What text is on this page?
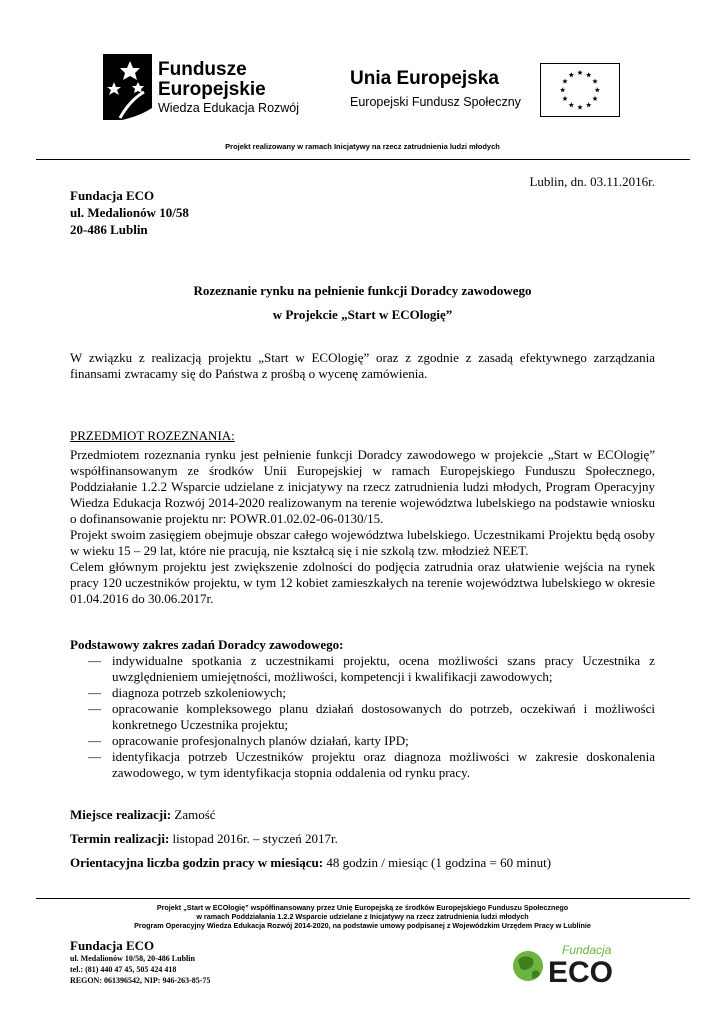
Fundusze
Europejskie
Wiedza Edukacja Rozwój
Unia Europejska
Europejski Fundusz Społeczny
Projekt realizowany w ramach Inicjatywy na rzecz zatrudnienia ludzi młodych
Lublin, dn. 03.11.2016r.
Fundacja ECO
ul. Medalionów 10/58
20-486 Lublin
Rozeznanie rynku na pełnienie funkcji Doradcy zawodowego
w Projekcie „Start w ECOlogię”
W związku z realizacją projektu „Start w ECOlogię” oraz z zgodnie z zasadą efektywnego zarządzania finansami zwracamy się do Państwa z prośbą o wycenę zamówienia.
PRZEDMIOT ROZEZNANIA:

Przedmiotem rozeznania rynku jest pełnienie funkcji Doradcy zawodowego w projekcie „Start w ECOlogię” współfinansowanym ze środków Unii Europejskiej w ramach Europejskiego Funduszu Społecznego, Poddziałanie 1.2.2 Wsparcie udzielane z inicjatywy na rzecz zatrudnienia ludzi młodych, Program Operacyjny Wiedza Edukacja Rozwój 2014-2020 realizowanym na terenie województwa lubelskiego na podstawie wniosku o dofinansowanie projektu nr: POWR.01.02.02-06-0130/15.

Projekt swoim zasięgiem obejmuje obszar całego województwa lubelskiego. Uczestnikami Projektu będą osoby w wieku 15 – 29 lat, które nie pracują, nie kształcą się i nie szkolą tzw. młodzież NEET.

Celem głównym projektu jest zwiększenie zdolności do podjęcia zatrudnia oraz ułatwienie wejścia na rynek pracy 120 uczestników projektu, w tym 12 kobiet zamieszkałych na terenie województwa lubelskiego w okresie 01.04.2016 do 30.06.2017r.

Podstawowy zakres zadań Doradcy zawodowego:
— indywidualne spotkania z uczestnikami projektu, ocena możliwości szans pracy Uczestnika z uwzględnieniem umiejętności, możliwości, kompetencji i kwalifikacji zawodowych;
— diagnoza potrzeb szkoleniowych;
— opracowanie kompleksowego planu działań dostosowanych do potrzeb, oczekiwań i możliwości konkretnego Uczestnika projektu;
— opracowanie profesjonalnych planów działań, karty IPD;
— identyfikacja potrzeb Uczestników projektu oraz diagnoza możliwości w zakresie doskonalenia zawodowego, w tym identyfikacja stopnia oddalenia od rynku pracy.
Miejsce realizacji: Zamość
Termin realizacji: listopad 2016r. – styczeń 2017r.
Orientacyjna liczba godzin pracy w miesiącu: 48 godzin / miesiąc (1 godzina = 60 minut)
Projekt „Start w ECOlogię” współfinansowany przez Unię Europejską ze środków Europejskiego Funduszu Społecznego
w ramach Poddziałania 1.2.2 Wsparcie udzielane z Inicjatywy na rzecz zatrudnienia ludzi młodych
Program Operacyjny Wiedza Edukacja Rozwój 2014-2020, na podstawie umowy podpisanej z Wojewódzkim Urzędem Pracy w Lublinie
Fundacja ECO
ul. Medalionów 10/58, 20-486 Lublin
tel.: (81) 440 47 45, 505 424 418
REGON: 061396542, NIP: 946-263-85-75
Fundacja
ECO
